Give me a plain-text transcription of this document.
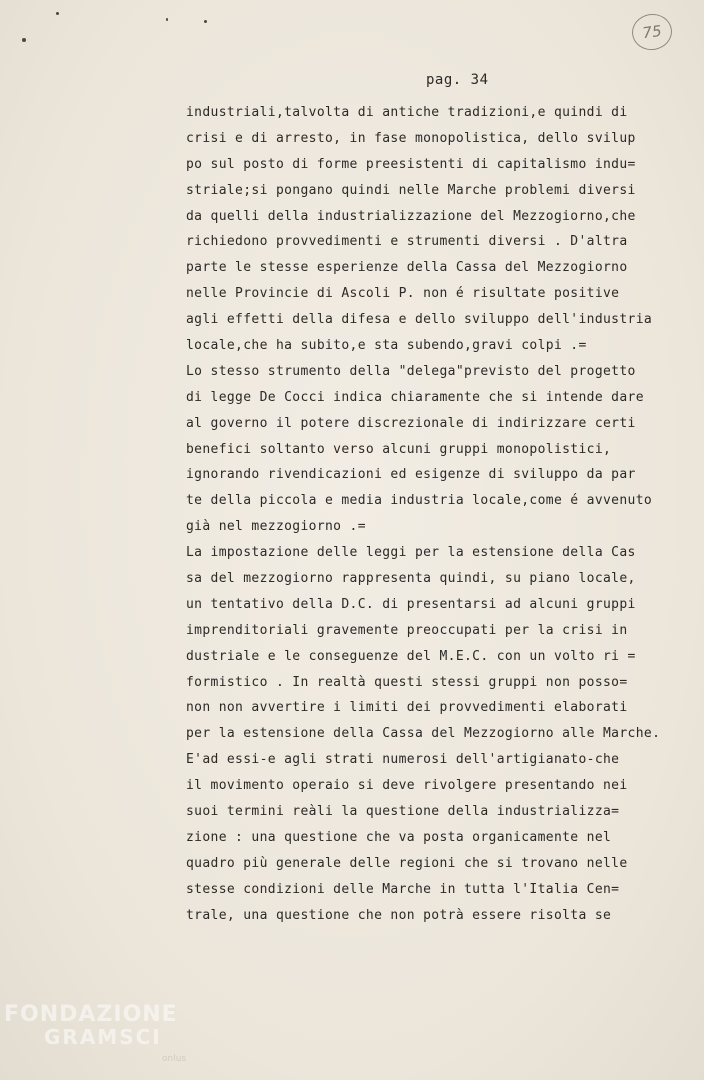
75
pag. 34
industriali,talvolta di antiche tradizioni,e quindi di
crisi e di arresto, in fase monopolistica, dello svilup
po sul posto di forme preesistenti di capitalismo indu=
striale;si pongano quindi nelle Marche problemi diversi
da quelli della industrializzazione del Mezzogiorno,che
richiedono provvedimenti e strumenti diversi . D'altra
parte le stesse esperienze della Cassa del Mezzogiorno
nelle Provincie di Ascoli P. non é risultate positive
agli effetti della difesa e dello sviluppo dell'industria
locale,che ha subito,e sta subendo,gravi colpi .=
Lo stesso strumento della "delega"previsto del progetto
di legge De Cocci indica chiaramente che si intende dare
al governo il potere discrezionale di indirizzare certi
benefici soltanto verso alcuni gruppi monopolistici,
ignorando rivendicazioni ed esigenze di sviluppo da par
te della piccola e media industria locale,come é avvenuto
già nel mezzogiorno .=
La impostazione delle leggi per la estensione della Cas
sa del mezzogiorno rappresenta quindi, su piano locale,
un tentativo della D.C. di presentarsi ad alcuni gruppi
imprenditoriali gravemente preoccupati per la crisi in
dustriale e le conseguenze del M.E.C. con un volto ri =
formistico . In realtà questi stessi gruppi non posso=
non non avvertire i limiti dei provvedimenti elaborati
per la estensione della Cassa del Mezzogiorno alle Marche.
E'ad essi-e agli strati numerosi dell'artigianato-che
il movimento operaio si deve rivolgere presentando nei
suoi termini reàli la questione della industrializza=
zione : una questione che va posta organicamente nel
quadro più generale delle regioni che si trovano nelle
stesse condizioni delle Marche in tutta l'Italia Cen=
trale, una questione che non potrà essere risolta se
FONDAZIONE
GRAMSCI
onlus
